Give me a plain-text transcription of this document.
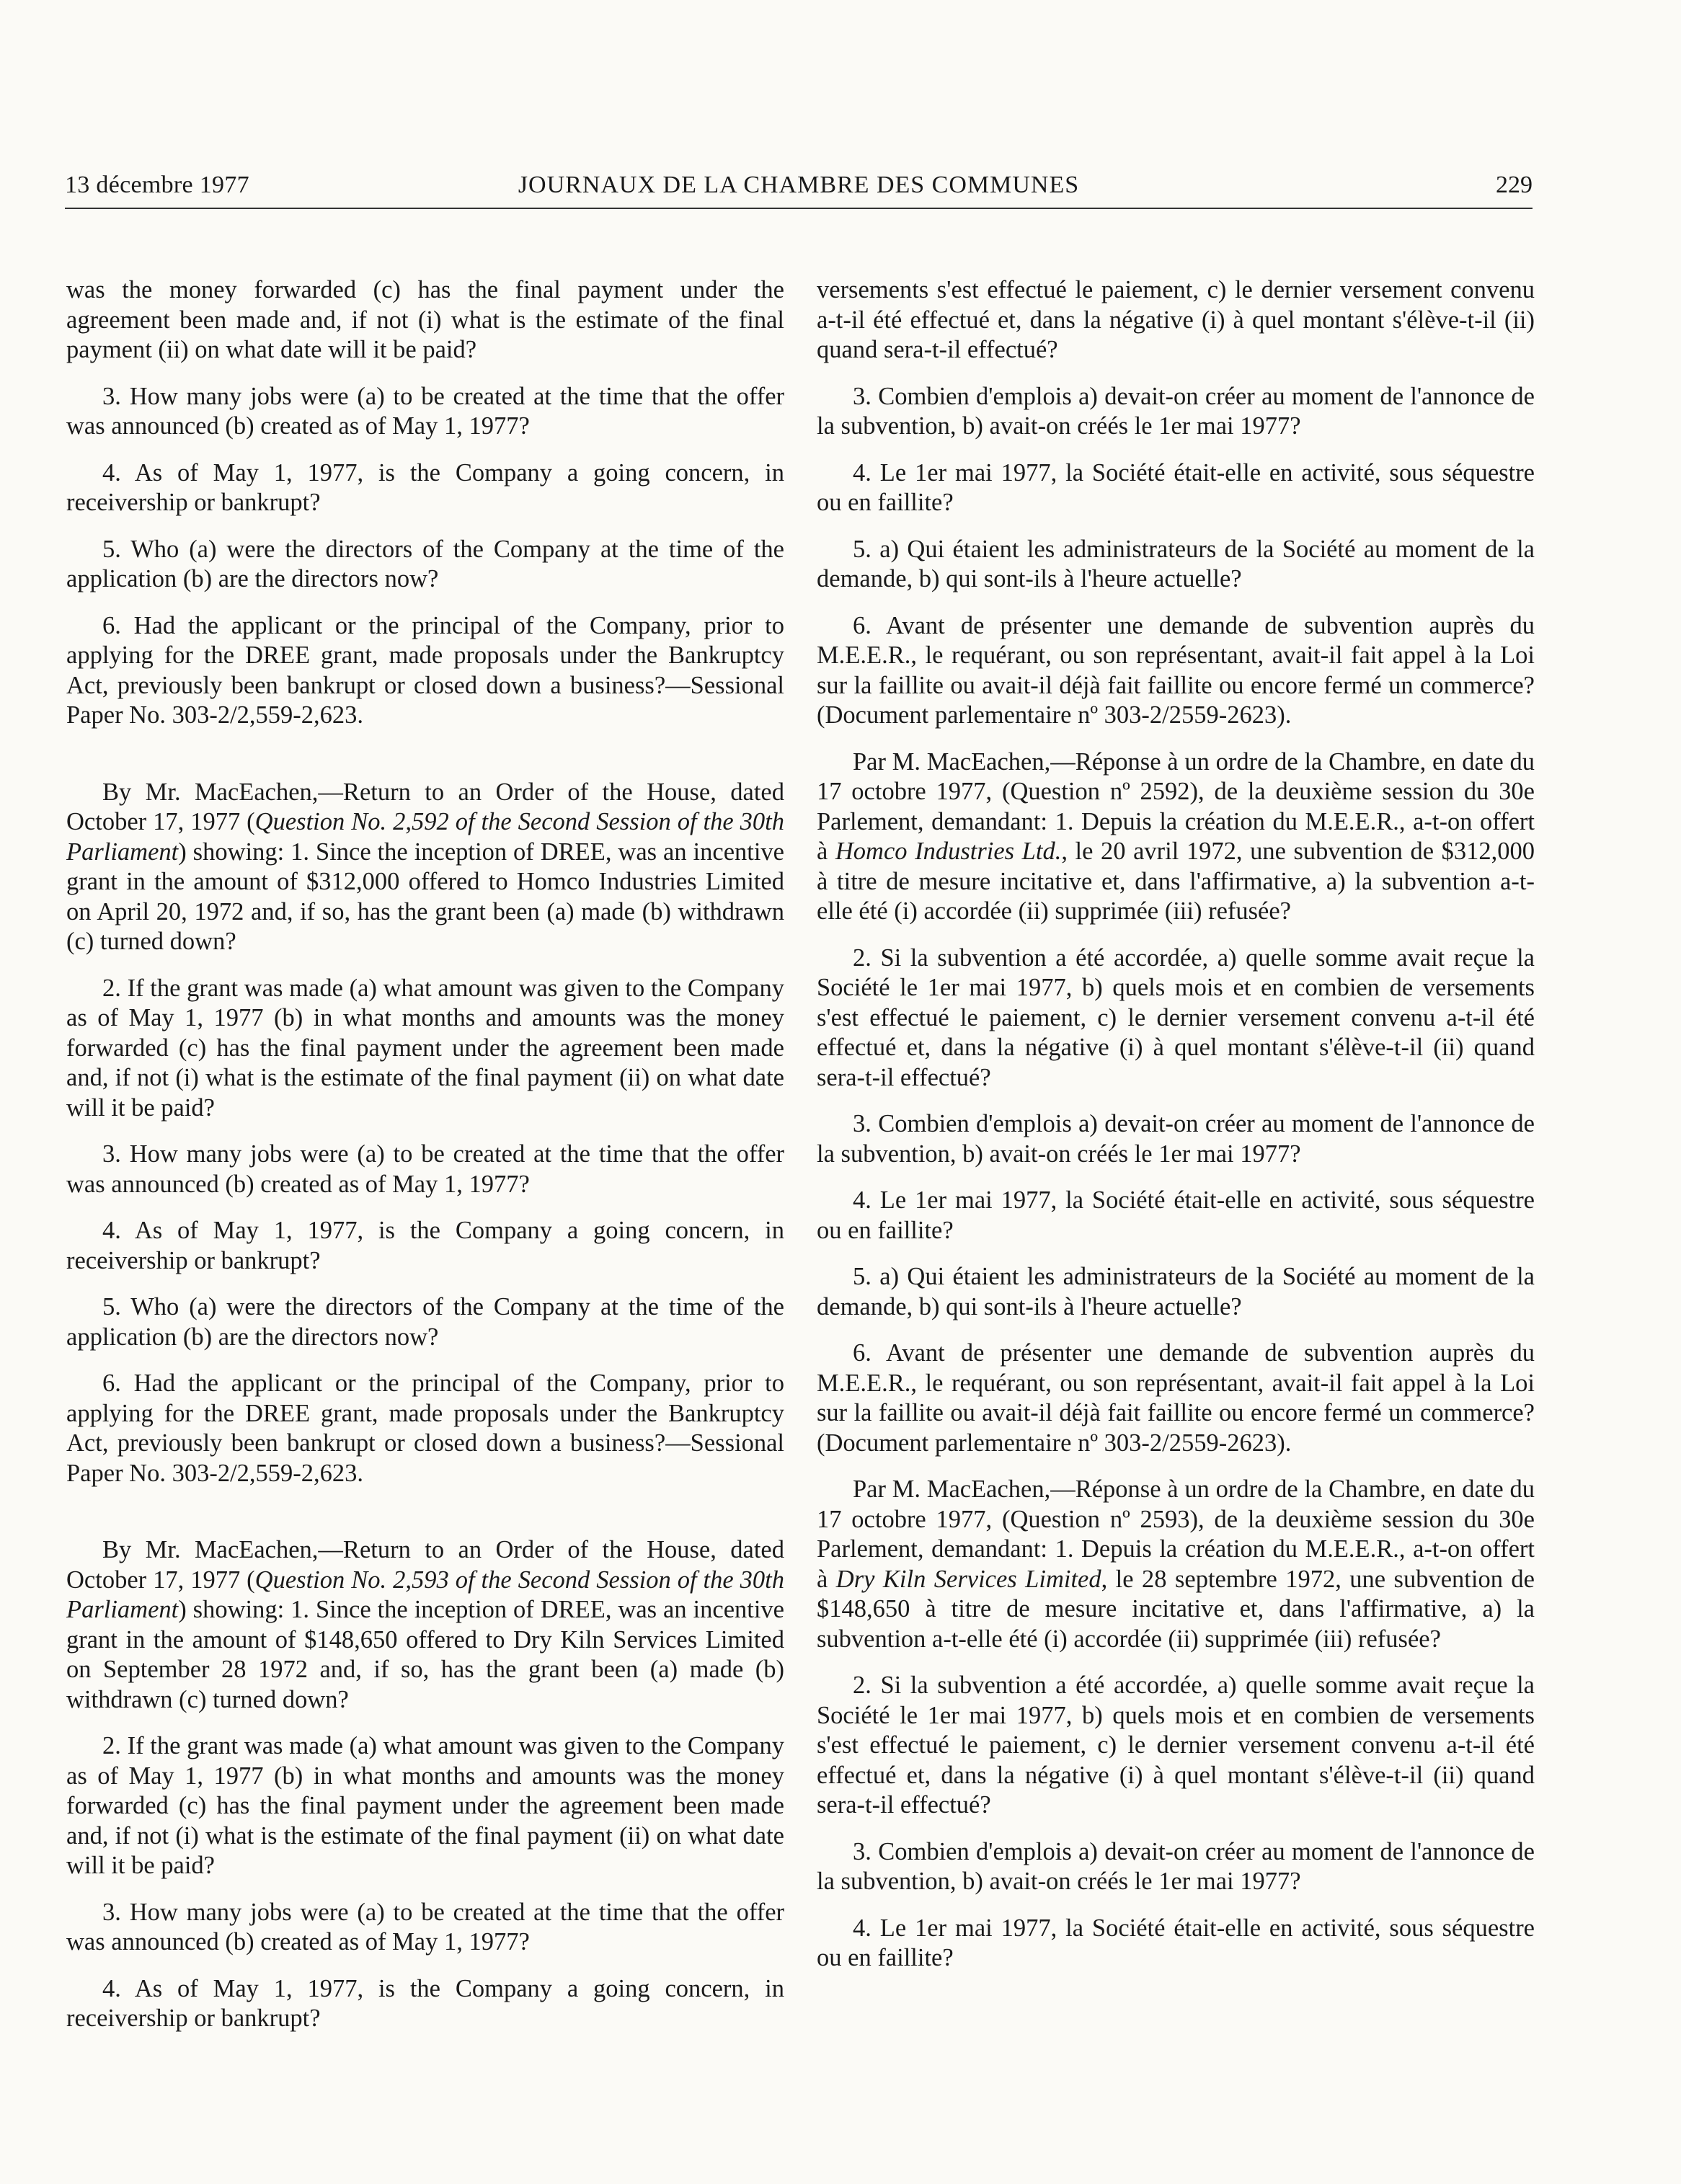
13 décembre 1977	JOURNAUX DE LA CHAMBRE DES COMMUNES	229

was the money forwarded (c) has the final payment under the agreement been made and, if not (i) what is the estimate of the final payment (ii) on what date will it be paid?

3. How many jobs were (a) to be created at the time that the offer was announced (b) created as of May 1, 1977?

4. As of May 1, 1977, is the Company a going concern, in receivership or bankrupt?

5. Who (a) were the directors of the Company at the time of the application (b) are the directors now?

6. Had the applicant or the principal of the Company, prior to applying for the DREE grant, made proposals under the Bankruptcy Act, previously been bankrupt or closed down a business?—Sessional Paper No. 303-2/2,559-2,623.

By Mr. MacEachen,—Return to an Order of the House, dated October 17, 1977 (Question No. 2,592 of the Second Session of the 30th Parliament) showing: 1. Since the inception of DREE, was an incentive grant in the amount of $312,000 offered to Homco Industries Limited on April 20, 1972 and, if so, has the grant been (a) made (b) withdrawn (c) turned down?

2. If the grant was made (a) what amount was given to the Company as of May 1, 1977 (b) in what months and amounts was the money forwarded (c) has the final payment under the agreement been made and, if not (i) what is the estimate of the final payment (ii) on what date will it be paid?

3. How many jobs were (a) to be created at the time that the offer was announced (b) created as of May 1, 1977?

4. As of May 1, 1977, is the Company a going concern, in receivership or bankrupt?

5. Who (a) were the directors of the Company at the time of the application (b) are the directors now?

6. Had the applicant or the principal of the Company, prior to applying for the DREE grant, made proposals under the Bankruptcy Act, previously been bankrupt or closed down a business?—Sessional Paper No. 303-2/2,559-2,623.

By Mr. MacEachen,—Return to an Order of the House, dated October 17, 1977 (Question No. 2,593 of the Second Session of the 30th Parliament) showing: 1. Since the inception of DREE, was an incentive grant in the amount of $148,650 offered to Dry Kiln Services Limited on September 28 1972 and, if so, has the grant been (a) made (b) withdrawn (c) turned down?

2. If the grant was made (a) what amount was given to the Company as of May 1, 1977 (b) in what months and amounts was the money forwarded (c) has the final payment under the agreement been made and, if not (i) what is the estimate of the final payment (ii) on what date will it be paid?

3. How many jobs were (a) to be created at the time that the offer was announced (b) created as of May 1, 1977?

4. As of May 1, 1977, is the Company a going concern, in receivership or bankrupt?

versements s'est effectué le paiement, c) le dernier versement convenu a-t-il été effectué et, dans la négative (i) à quel montant s'élève-t-il (ii) quand sera-t-il effectué?

3. Combien d'emplois a) devait-on créer au moment de l'annonce de la subvention, b) avait-on créés le 1er mai 1977?

4. Le 1er mai 1977, la Société était-elle en activité, sous séquestre ou en faillite?

5. a) Qui étaient les administrateurs de la Société au moment de la demande, b) qui sont-ils à l'heure actuelle?

6. Avant de présenter une demande de subvention auprès du M.E.E.R., le requérant, ou son représentant, avait-il fait appel à la Loi sur la faillite ou avait-il déjà fait faillite ou encore fermé un commerce? (Document parlementaire nº 303-2/2559-2623).

Par M. MacEachen,—Réponse à un ordre de la Chambre, en date du 17 octobre 1977, (Question nº 2592), de la deuxième session du 30e Parlement, demandant: 1. Depuis la création du M.E.E.R., a-t-on offert à Homco Industries Ltd., le 20 avril 1972, une subvention de $312,000 à titre de mesure incitative et, dans l'affirmative, a) la subvention a-t-elle été (i) accordée (ii) supprimée (iii) refusée?

2. Si la subvention a été accordée, a) quelle somme avait reçue la Société le 1er mai 1977, b) quels mois et en combien de versements s'est effectué le paiement, c) le dernier versement convenu a-t-il été effectué et, dans la négative (i) à quel montant s'élève-t-il (ii) quand sera-t-il effectué?

3. Combien d'emplois a) devait-on créer au moment de l'annonce de la subvention, b) avait-on créés le 1er mai 1977?

4. Le 1er mai 1977, la Société était-elle en activité, sous séquestre ou en faillite?

5. a) Qui étaient les administrateurs de la Société au moment de la demande, b) qui sont-ils à l'heure actuelle?

6. Avant de présenter une demande de subvention auprès du M.E.E.R., le requérant, ou son représentant, avait-il fait appel à la Loi sur la faillite ou avait-il déjà fait faillite ou encore fermé un commerce? (Document parlementaire nº 303-2/2559-2623).

Par M. MacEachen,—Réponse à un ordre de la Chambre, en date du 17 octobre 1977, (Question nº 2593), de la deuxième session du 30e Parlement, demandant: 1. Depuis la création du M.E.E.R., a-t-on offert à Dry Kiln Services Limited, le 28 septembre 1972, une subvention de $148,650 à titre de mesure incitative et, dans l'affirmative, a) la subvention a-t-elle été (i) accordée (ii) supprimée (iii) refusée?

2. Si la subvention a été accordée, a) quelle somme avait reçue la Société le 1er mai 1977, b) quels mois et en combien de versements s'est effectué le paiement, c) le dernier versement convenu a-t-il été effectué et, dans la négative (i) à quel montant s'élève-t-il (ii) quand sera-t-il effectué?

3. Combien d'emplois a) devait-on créer au moment de l'annonce de la subvention, b) avait-on créés le 1er mai 1977?

4. Le 1er mai 1977, la Société était-elle en activité, sous séquestre ou en faillite?
